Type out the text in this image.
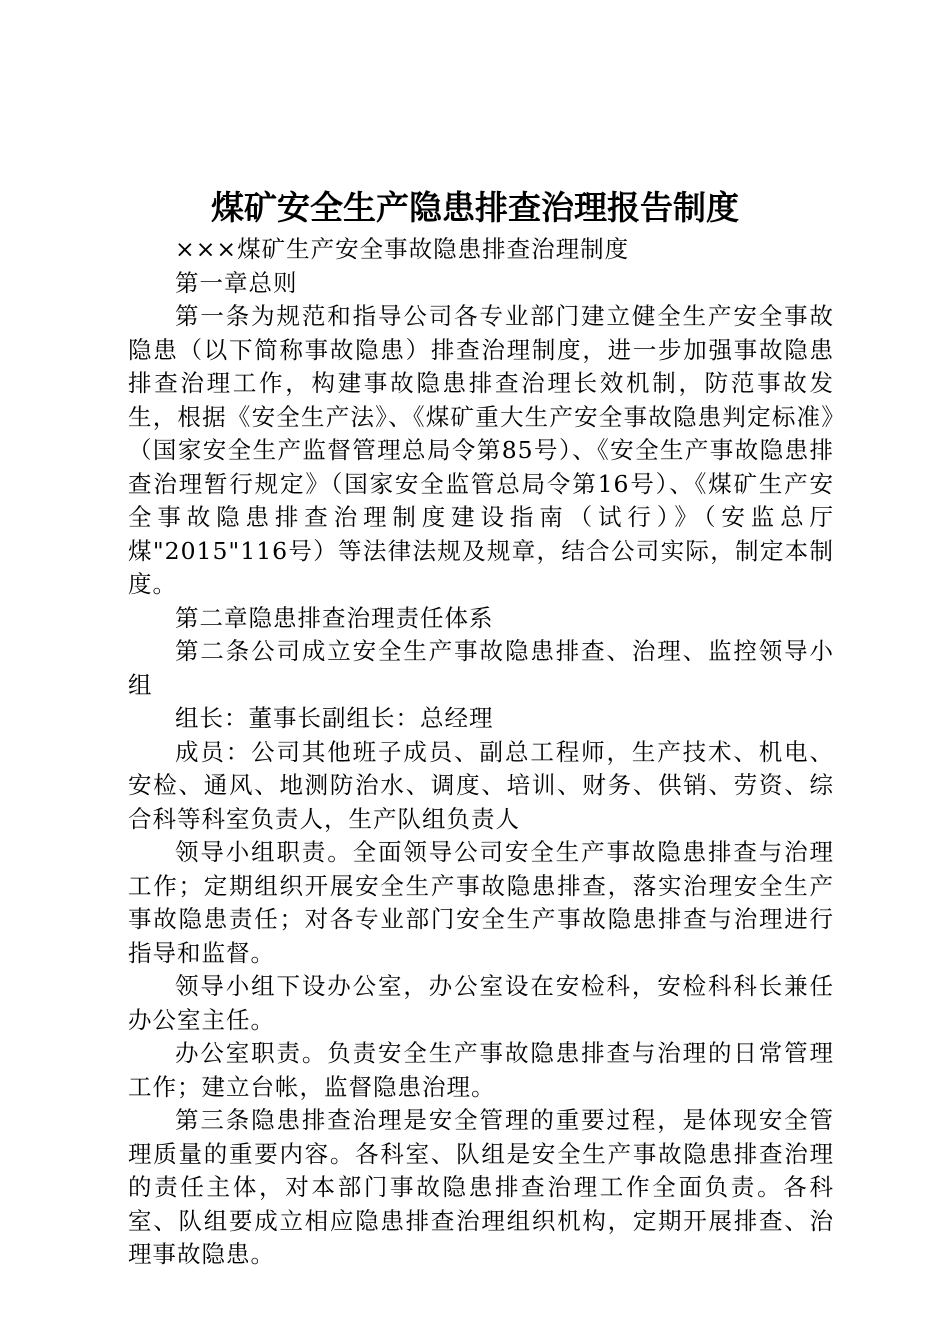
煤矿安全生产隐患排查治理报告制度

×××煤矿生产安全事故隐患排查治理制度

第一章总则

第一条为规范和指导公司各专业部门建立健全生产安全事故隐患（以下简称事故隐患）排查治理制度，进一步加强事故隐患排查治理工作，构建事故隐患排查治理长效机制，防范事故发生，根据《安全生产法》、《煤矿重大生产安全事故隐患判定标准》（国家安全生产监督管理总局令第85号）、《安全生产事故隐患排查治理暂行规定》（国家安全监管总局令第16号）、《煤矿生产安全事故隐患排查治理制度建设指南（试行）》（安监总厅煤"2015"116号）等法律法规及规章，结合公司实际，制定本制度。

第二章隐患排查治理责任体系

第二条公司成立安全生产事故隐患排查、治理、监控领导小组

组长：董事长副组长：总经理

成员：公司其他班子成员、副总工程师，生产技术、机电、安检、通风、地测防治水、调度、培训、财务、供销、劳资、综合科等科室负责人，生产队组负责人

领导小组职责。全面领导公司安全生产事故隐患排查与治理工作；定期组织开展安全生产事故隐患排查，落实治理安全生产事故隐患责任；对各专业部门安全生产事故隐患排查与治理进行指导和监督。

领导小组下设办公室，办公室设在安检科，安检科科长兼任办公室主任。

办公室职责。负责安全生产事故隐患排查与治理的日常管理工作；建立台帐，监督隐患治理。

第三条隐患排查治理是安全管理的重要过程，是体现安全管理质量的重要内容。各科室、队组是安全生产事故隐患排查治理的责任主体，对本部门事故隐患排查治理工作全面负责。各科室、队组要成立相应隐患排查治理组织机构，定期开展排查、治理事故隐患。
